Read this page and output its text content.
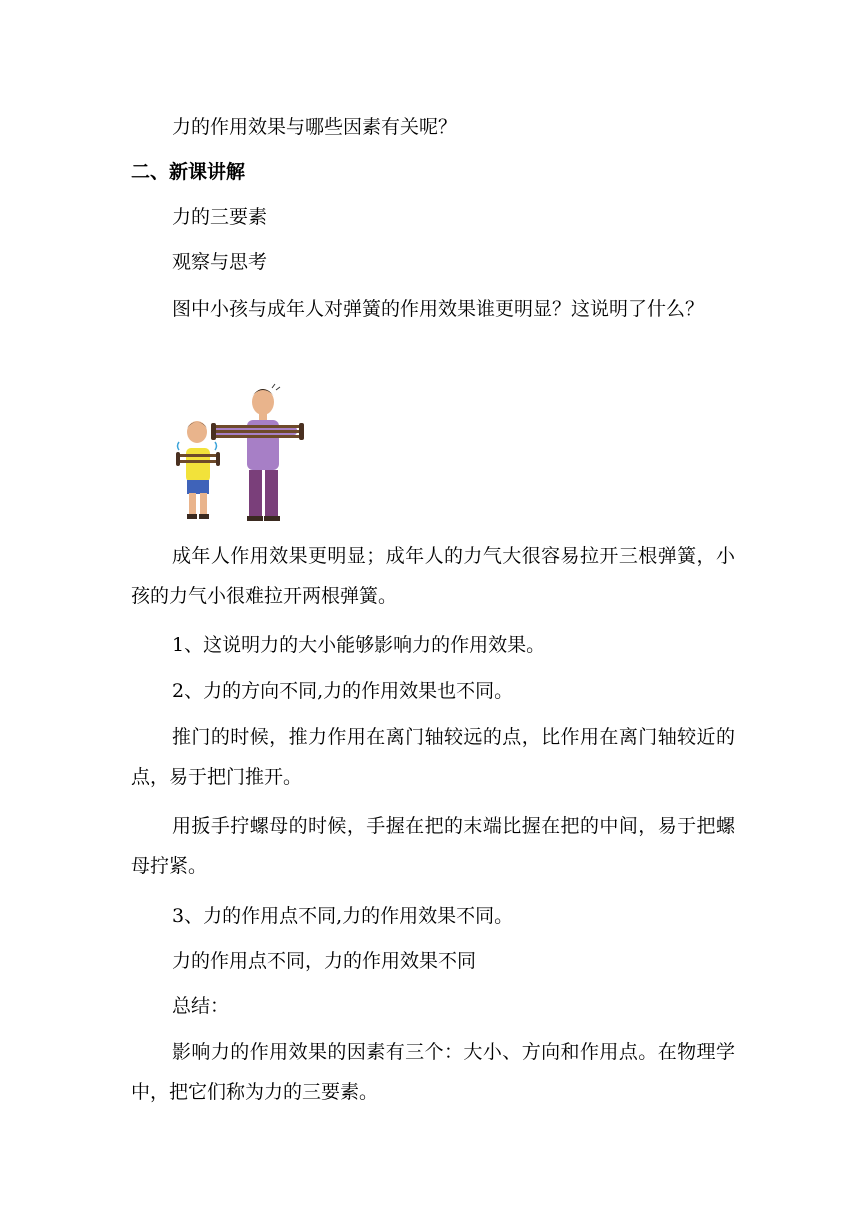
力的作用效果与哪些因素有关呢？

二、新课讲解

力的三要素

观察与思考

图中小孩与成年人对弹簧的作用效果谁更明显？这说明了什么？

成年人作用效果更明显；成年人的力气大很容易拉开三根弹簧，小孩的力气小很难拉开两根弹簧。

1、这说明力的大小能够影响力的作用效果。

2、力的方向不同,力的作用效果也不同。

推门的时候，推力作用在离门轴较远的点，比作用在离门轴较近的点，易于把门推开。

用扳手拧螺母的时候，手握在把的末端比握在把的中间，易于把螺母拧紧。

3、力的作用点不同,力的作用效果不同。

力的作用点不同，力的作用效果不同

总结：

影响力的作用效果的因素有三个：大小、方向和作用点。在物理学中，把它们称为力的三要素。
